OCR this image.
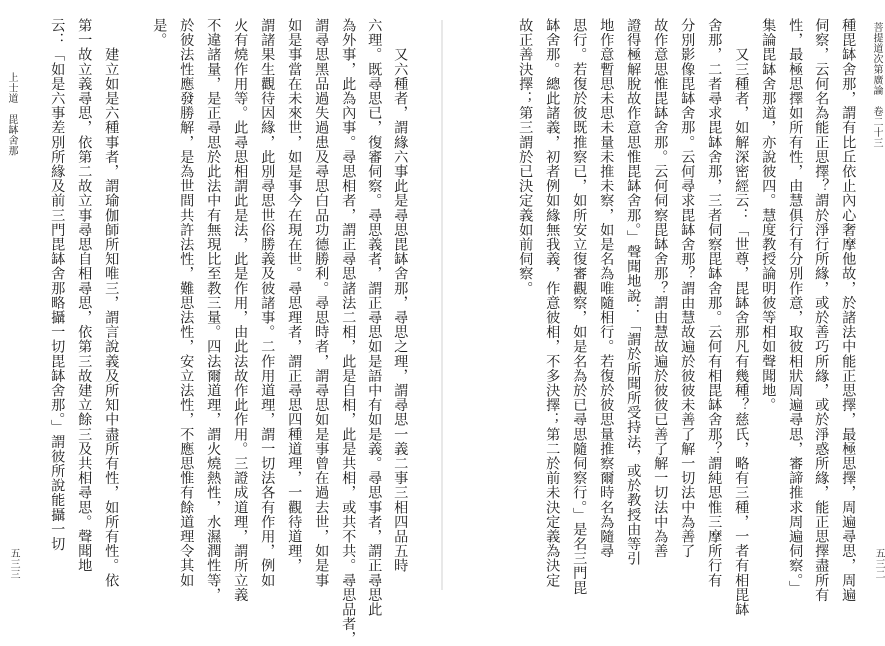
菩提道次第廣論　卷二十三
種毘缽舍那，謂有比丘依止內心奢摩他故，於諸法中能正思擇，最極思擇，周遍尋思，周遍
伺察，云何名為能正思擇？謂於淨行所緣，或於善巧所緣，或於淨惑所緣，能正思擇盡所有
性，最極思擇如所有性，由慧俱行有分別作意，取彼相狀周遍尋思，審諦推求周遍伺察。」
集論毘缽舍那道，亦說彼四。慧度教授論明彼等相如聲聞地。
　　又三種者，如解深密經云：「世尊，毘缽舍那凡有幾種？慈氏，略有三種，一者有相毘缽
舍那，二者尋求毘缽舍那，三者伺察毘缽舍那。云何有相毘缽舍那？謂純思惟三摩所行有
分別影像毘缽舍那。云何尋求毘缽舍那？謂由慧故遍於彼彼未善了解一切法中為善了
故作意思惟毘缽舍那。云何伺察毘缽舍那？謂由慧故遍於彼彼已善了解一切法中為善
證得極解脫故作意思惟毘缽舍那。」聲聞地說：「謂於所聞所受持法，或於教授由等引
地作意暫思未思未量未推未察，如是名為唯隨相行。若復於彼思量推察爾時名為隨尋
思行。若復於彼既推察已，如所安立復審觀察，如是名為於已尋思隨伺察行。」是名三門毘
缽舍那。總此諸義，初者例如緣無我義，作意彼相，不多決擇；第二於前未決定義為決定
故正善決擇；第三謂於已決定義如前伺察。
五三二
　　又六種者，謂緣六事此是尋思毘缽舍那，尋思之理，謂尋思一義二事三相四品五時
六理。既尋思已，復審伺察。尋思義者，謂正尋思如是語中有如是義。尋思事者，謂正尋思此
為外事，此為內事。尋思相者，謂正尋思諸法二相，此是自相，此是共相，或共不共。尋思品者，
謂尋思黑品過失過患及尋思白品功德勝利。尋思時者，謂尋思如是事曾在過去世，如是事
如是事當在未來世，如是事今在現在世。尋思理者，謂正尋思四種道理，一觀待道理，
謂諸果生觀待因緣，此別尋思世俗勝義及彼諸事。二作用道理，謂一切法各有作用，例如
火有燒作用等。此尋思相謂此是法，此是作用，由此法故作此作用。三證成道理，謂所立義
不違諸量，是正尋思於此法中有無現比至教三量。四法爾道理，謂火燒熱性，水濕潤性等，
於彼法性應發勝解，是為世間共許法性，難思法性，安立法性，不應思惟有餘道理令其如
是。
　　建立如是六種事者，謂瑜伽師所知唯三，謂言說義及所知中盡所有性，如所有性。依
第一故立義尋思，依第二故立事尋思自相尋思，依第三故建立餘三及共相尋思。聲聞地
云：「如是六事差別所緣及前三門毘缽舍那略攝一切毘缽舍那。」謂彼所說能攝一切
上士道　毘缽舍那
五三三
